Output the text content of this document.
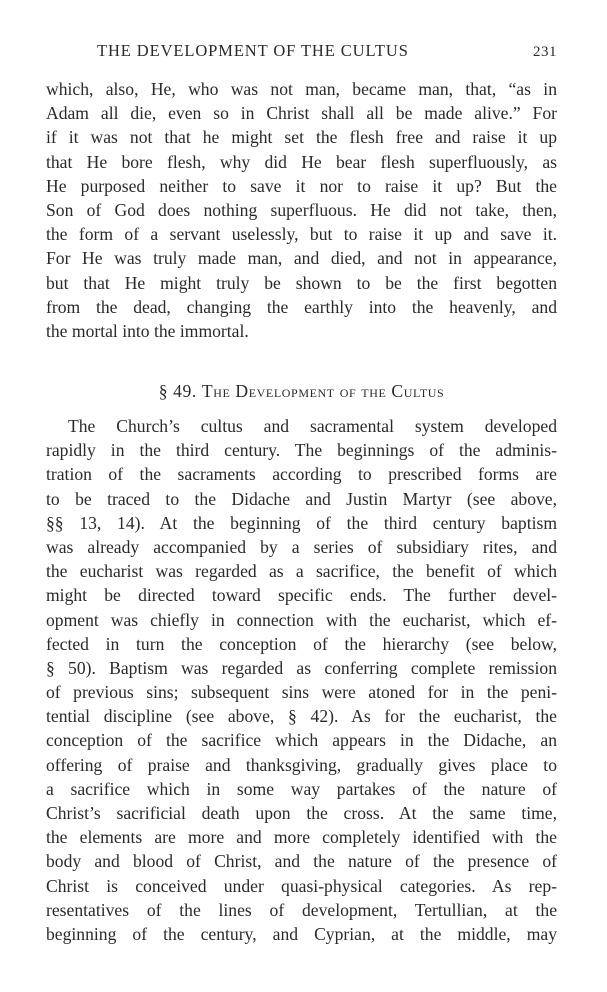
THE DEVELOPMENT OF THE CULTUS	231
which, also, He, who was not man, became man, that, “as in
Adam all die, even so in Christ shall all be made alive.” For
if it was not that he might set the flesh free and raise it up
that He bore flesh, why did He bear flesh superfluously, as
He purposed neither to save it nor to raise it up? But the
Son of God does nothing superfluous. He did not take, then,
the form of a servant uselessly, but to raise it up and save it.
For He was truly made man, and died, and not in appearance,
but that He might truly be shown to be the first begotten
from the dead, changing the earthly into the heavenly, and
the mortal into the immortal.
§ 49. The Development of the Cultus
The Church’s cultus and sacramental system developed
rapidly in the third century. The beginnings of the adminis-
tration of the sacraments according to prescribed forms are
to be traced to the Didache and Justin Martyr (see above,
§§ 13, 14). At the beginning of the third century baptism
was already accompanied by a series of subsidiary rites, and
the eucharist was regarded as a sacrifice, the benefit of which
might be directed toward specific ends. The further devel-
opment was chiefly in connection with the eucharist, which ef-
fected in turn the conception of the hierarchy (see below,
§ 50). Baptism was regarded as conferring complete remission
of previous sins; subsequent sins were atoned for in the peni-
tential discipline (see above, § 42). As for the eucharist, the
conception of the sacrifice which appears in the Didache, an
offering of praise and thanksgiving, gradually gives place to
a sacrifice which in some way partakes of the nature of
Christ’s sacrificial death upon the cross. At the same time,
the elements are more and more completely identified with the
body and blood of Christ, and the nature of the presence of
Christ is conceived under quasi-physical categories. As rep-
resentatives of the lines of development, Tertullian, at the
beginning of the century, and Cyprian, at the middle, may
